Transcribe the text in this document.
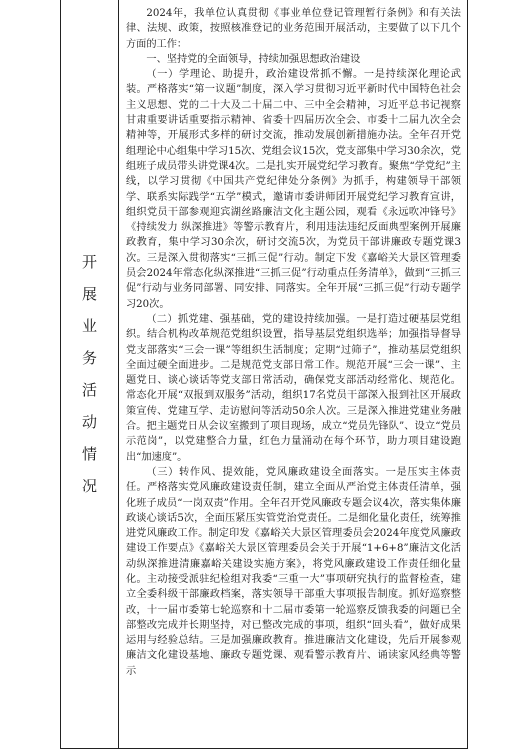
开
展
业
务
活
动
情
况

2024年，我单位认真贯彻《事业单位登记管理暂行条例》和有关法律、法规、政策，按照核准登记的业务范围开展活动，主要做了以下几个方面的工作：

一、坚持党的全面领导，持续加强思想政治建设

（一）学理论、助提升，政治建设常抓不懈。一是持续深化理论武装。严格落实“第一议题”制度，深入学习贯彻习近平新时代中国特色社会主义思想、党的二十大及二十届二中、三中全会精神，习近平总书记视察甘肃重要讲话重要指示精神、省委十四届历次全会、市委十二届九次全会精神等，开展形式多样的研讨交流，推动发展创新措施办法。全年召开党组理论中心组集中学习15次、党组会议15次，党支部集中学习30余次，党组班子成员带头讲党课4次。二是扎实开展党纪学习教育。聚焦“学党纪”主线，以学习贯彻《中国共产党纪律处分条例》为抓手，构建领导干部领学、联系实际践学“五学”模式，邀请市委讲师团开展党纪学习教育宣讲，组织党员干部参观迎宾湖丝路廉洁文化主题公园，观看《永远吹冲锋号》《持续发力 纵深推进》等警示教育片，利用违法违纪反面典型案例开展廉政教育，集中学习30余次，研讨交流5次，为党员干部讲廉政专题党课3次。三是深入贯彻落实“三抓三促”行动。制定下发《嘉峪关大景区管理委员会2024年常态化纵深推进“三抓三促”行动重点任务清单》，做到“三抓三促”行动与业务同部署、同安排、同落实。全年开展“三抓三促”行动专题学习20次。

（二）抓党建、强基础，党的建设持续加强。一是打造过硬基层党组织。结合机构改革规范党组织设置，指导基层党组织选举；加强指导督导党支部落实“三会一课”等组织生活制度；定期“过筛子”，推动基层党组织全面过硬全面进步。二是规范党支部日常工作。规范开展“三会一课”、主题党日、谈心谈话等党支部日常活动，确保党支部活动经常化、规范化。常态化开展“双报到双服务”活动，组织17名党员干部深入报到社区开展政策宣传、党建互学、走访慰问等活动50余人次。三是深入推进党建业务融合。把主题党日从会议室搬到了项目现场，成立“党员先锋队”、设立“党员示范岗”，以党建整合力量，红色力量涌动在每个环节，助力项目建设跑出“加速度”。

（三）转作风、提效能，党风廉政建设全面落实。一是压实主体责任。严格落实党风廉政建设责任制，建立全面从严治党主体责任清单，强化班子成员“一岗双责”作用。全年召开党风廉政专题会议4次，落实集体廉政谈心谈话5次，全面压紧压实管党治党责任。二是细化量化责任，统筹推进党风廉政工作。制定印发《嘉峪关大景区管理委员会2024年度党风廉政建设工作要点》《嘉峪关大景区管理委员会关于开展“1+6+8”廉洁文化活动纵深推进清廉嘉峪关建设实施方案》，将党风廉政建设工作责任细化量化。主动接受派驻纪检组对我委“三重一大”事项研究执行的监督检查，建立全委科级干部廉政档案，落实领导干部重大事项报告制度。抓好巡察整改，十一届市委第七轮巡察和十二届市委第一轮巡察反馈我委的问题已全部整改完成并长期坚持，对已整改完成的事项，组织“回头看”，做好成果运用与经验总结。三是加强廉政教育。推进廉洁文化建设，先后开展参观廉洁文化建设基地、廉政专题党课、观看警示教育片、诵读家风经典等警示
